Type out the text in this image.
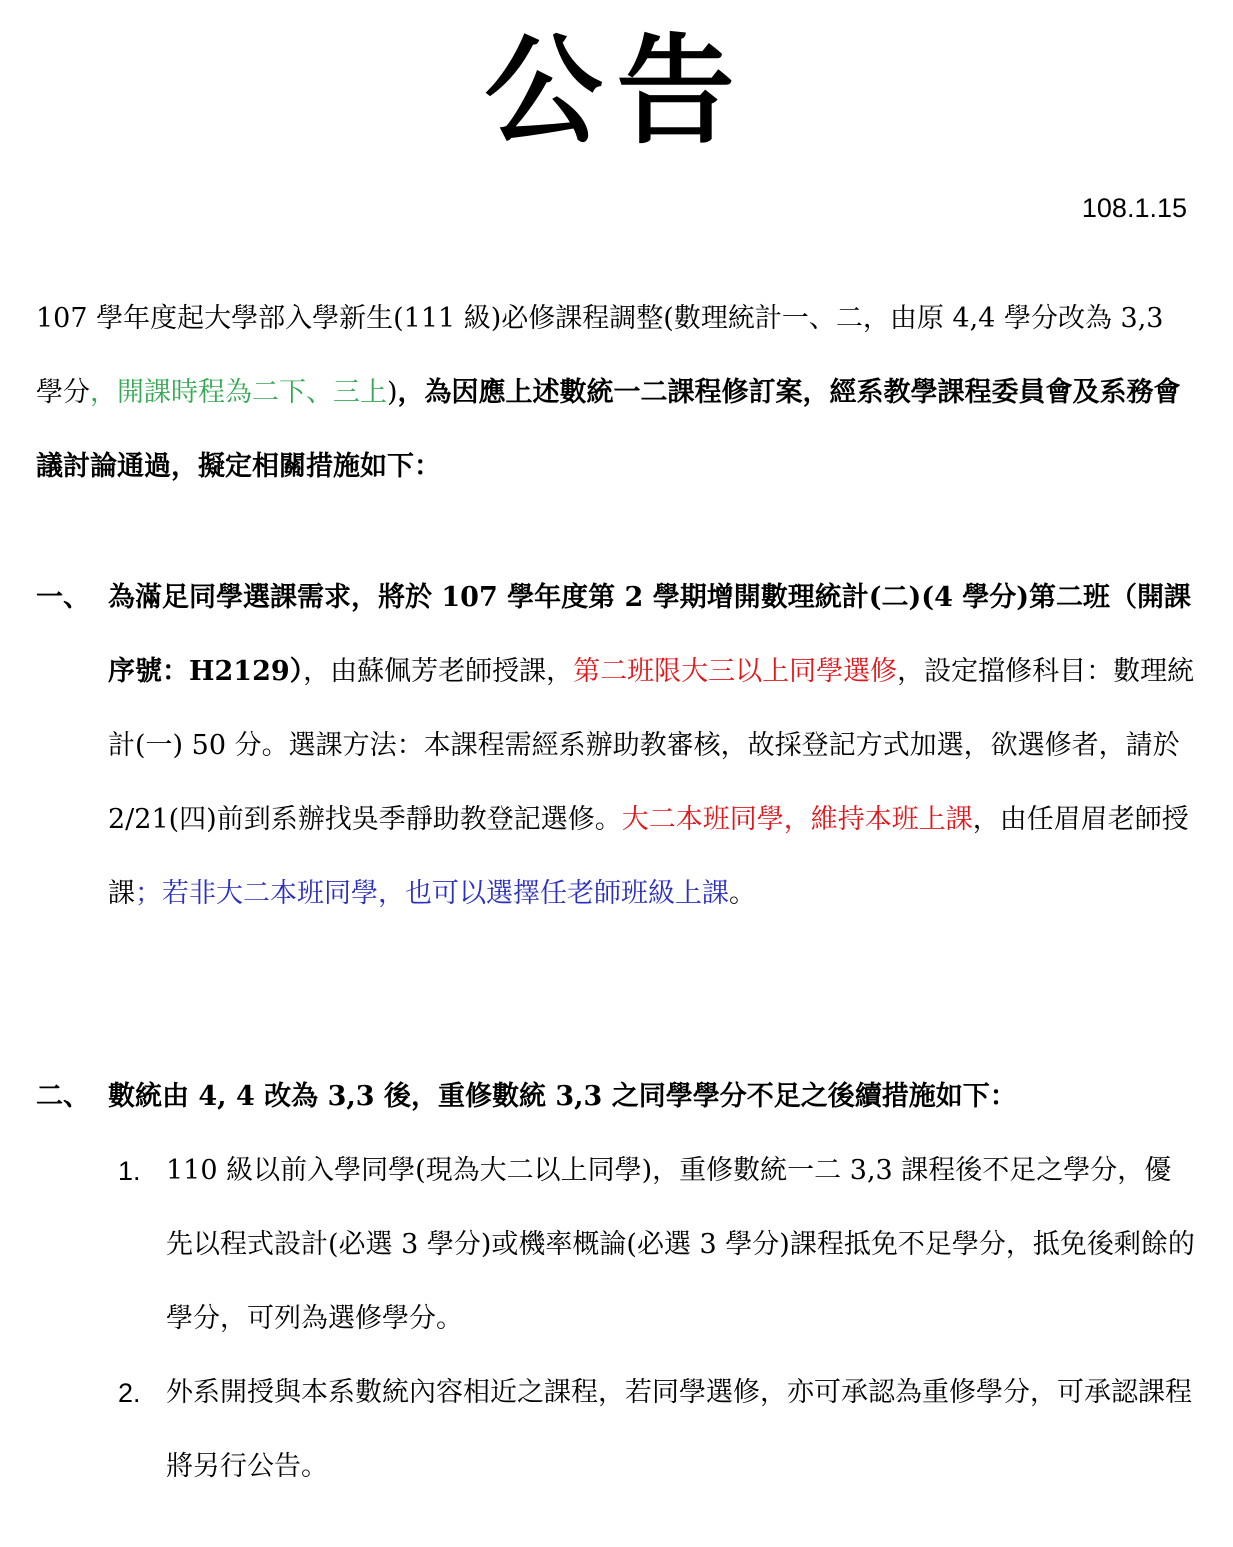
公告
108.1.15
107 學年度起大學部入學新生(111 級)必修課程調整(數理統計一、二，由原 4,4 學分改為 3,3 學分，開課時程為二下、三上)，為因應上述數統一二課程修訂案，經系教學課程委員會及系務會議討論通過，擬定相關措施如下：
一、 為滿足同學選課需求，將於 107 學年度第 2 學期增開數理統計(二)(4 學分)第二班（開課序號：H2129），由蘇佩芳老師授課，第二班限大三以上同學選修，設定擋修科目：數理統計(一) 50 分。選課方法：本課程需經系辦助教審核，故採登記方式加選，欲選修者，請於 2/21(四)前到系辦找吳季靜助教登記選修。大二本班同學，維持本班上課，由任眉眉老師授課；若非大二本班同學，也可以選擇任老師班級上課。
二、 數統由 4, 4 改為 3,3 後，重修數統 3,3 之同學學分不足之後續措施如下：
1. 110 級以前入學同學(現為大二以上同學)，重修數統一二 3,3 課程後不足之學分，優先以程式設計(必選 3 學分)或機率概論(必選 3 學分)課程抵免不足學分，抵免後剩餘的學分，可列為選修學分。
2. 外系開授與本系數統內容相近之課程，若同學選修，亦可承認為重修學分，可承認課程將另行公告。
